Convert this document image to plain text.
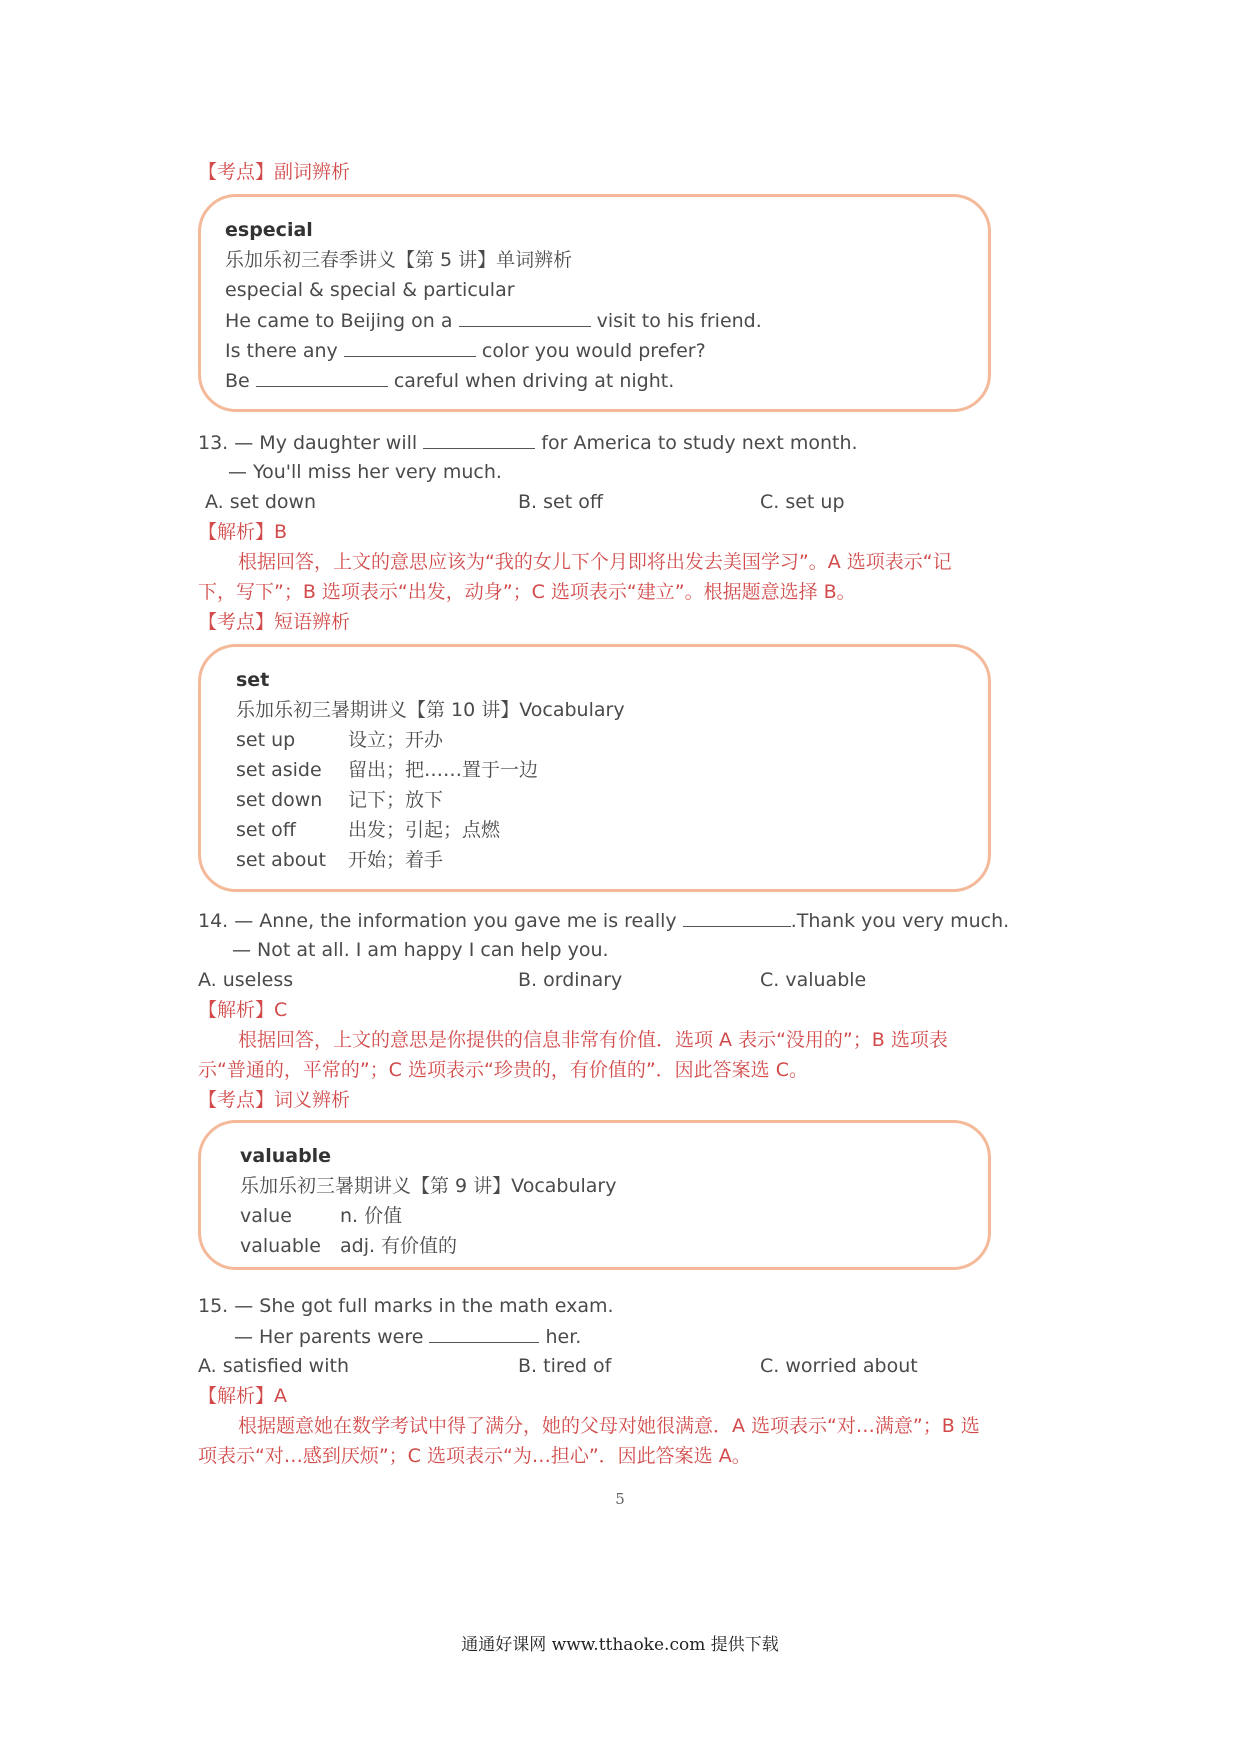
【考点】副词辨析
especial
乐加乐初三春季讲义【第 5 讲】单词辨析
especial & special & particular
He came to Beijing on a	visit to his friend.
Is there any	color you would prefer?
Be	careful when driving at night.
13. — My daughter will	for America to study next month.
— You'll miss her very much.
A. set down	B. set off	C. set up
【解析】B
根据回答，上文的意思应该为“我的女儿下个月即将出发去美国学习”。A 选项表示“记
下，写下”；B 选项表示“出发，动身”；C 选项表示“建立”。根据题意选择 B。
【考点】短语辨析
set
乐加乐初三暑期讲义【第 10 讲】Vocabulary
set up	设立；开办
set aside 留出；把……置于一边
set down 记下；放下
set off	出发；引起；点燃
set about 开始；着手
14. — Anne, the information you gave me is really	.Thank you very much.
— Not at all. I am happy I can help you.
A. useless	B. ordinary	C. valuable
【解析】C
根据回答，上文的意思是你提供的信息非常有价值．选项 A 表示“没用的”；B 选项表
示“普通的，平常的”；C 选项表示“珍贵的，有价值的”．因此答案选 C。
【考点】词义辨析
valuable
乐加乐初三暑期讲义【第 9 讲】Vocabulary
value	n. 价值
valuable adj. 有价值的
15. — She got full marks in the math exam.
— Her parents were	her.
A. satisfied with	B. tired of	C. worried about
【解析】A
根据题意她在数学考试中得了满分，她的父母对她很满意．A 选项表示“对…满意”；B 选
项表示“对…感到厌烦”；C 选项表示“为…担心”．因此答案选 A。
5
通通好课网 www.tthaoke.com 提供下载
